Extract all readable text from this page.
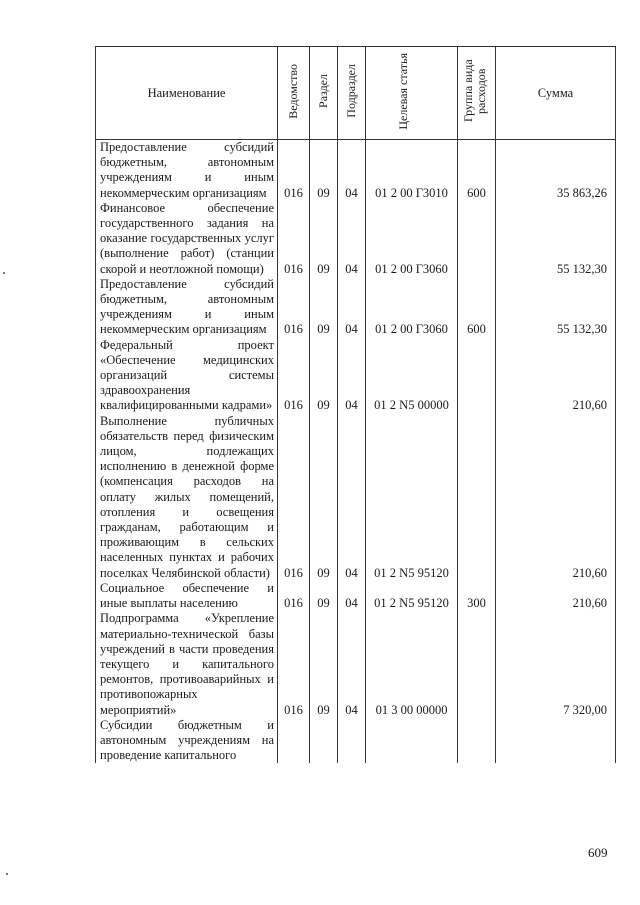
Наименование	Ведомство	Раздел	Подраздел	Целевая статья	Группа вида расходов	Сумма
Предоставление субсидий бюджетным, автономным учреждениям и иным некоммерческим организациям	016	09	04	01 2 00 Г3010	600	35 863,26
Финансовое обеспечение государственного задания на оказание государственных услуг (выполнение работ) (станции скорой и неотложной помощи)	016	09	04	01 2 00 Г3060		55 132,30
Предоставление субсидий бюджетным, автономным учреждениям и иным некоммерческим организациям	016	09	04	01 2 00 Г3060	600	55 132,30
Федеральный проект «Обеспечение медицинских организаций системы здравоохранения квалифицированными кадрами»	016	09	04	01 2 N5 00000		210,60
Выполнение публичных обязательств перед физическим лицом, подлежащих исполнению в денежной форме (компенсация расходов на оплату жилых помещений, отопления и освещения гражданам, работающим и проживающим в сельских населенных пунктах и рабочих поселках Челябинской области)	016	09	04	01 2 N5 95120		210,60
Социальное обеспечение и иные выплаты населению	016	09	04	01 2 N5 95120	300	210,60
Подпрограмма «Укрепление материально-технической базы учреждений в части проведения текущего и капитального ремонтов, противоаварийных и противопожарных мероприятий»	016	09	04	01 3 00 00000		7 320,00
Субсидии бюджетным и автономным учреждениям на проведение капитального						
609
